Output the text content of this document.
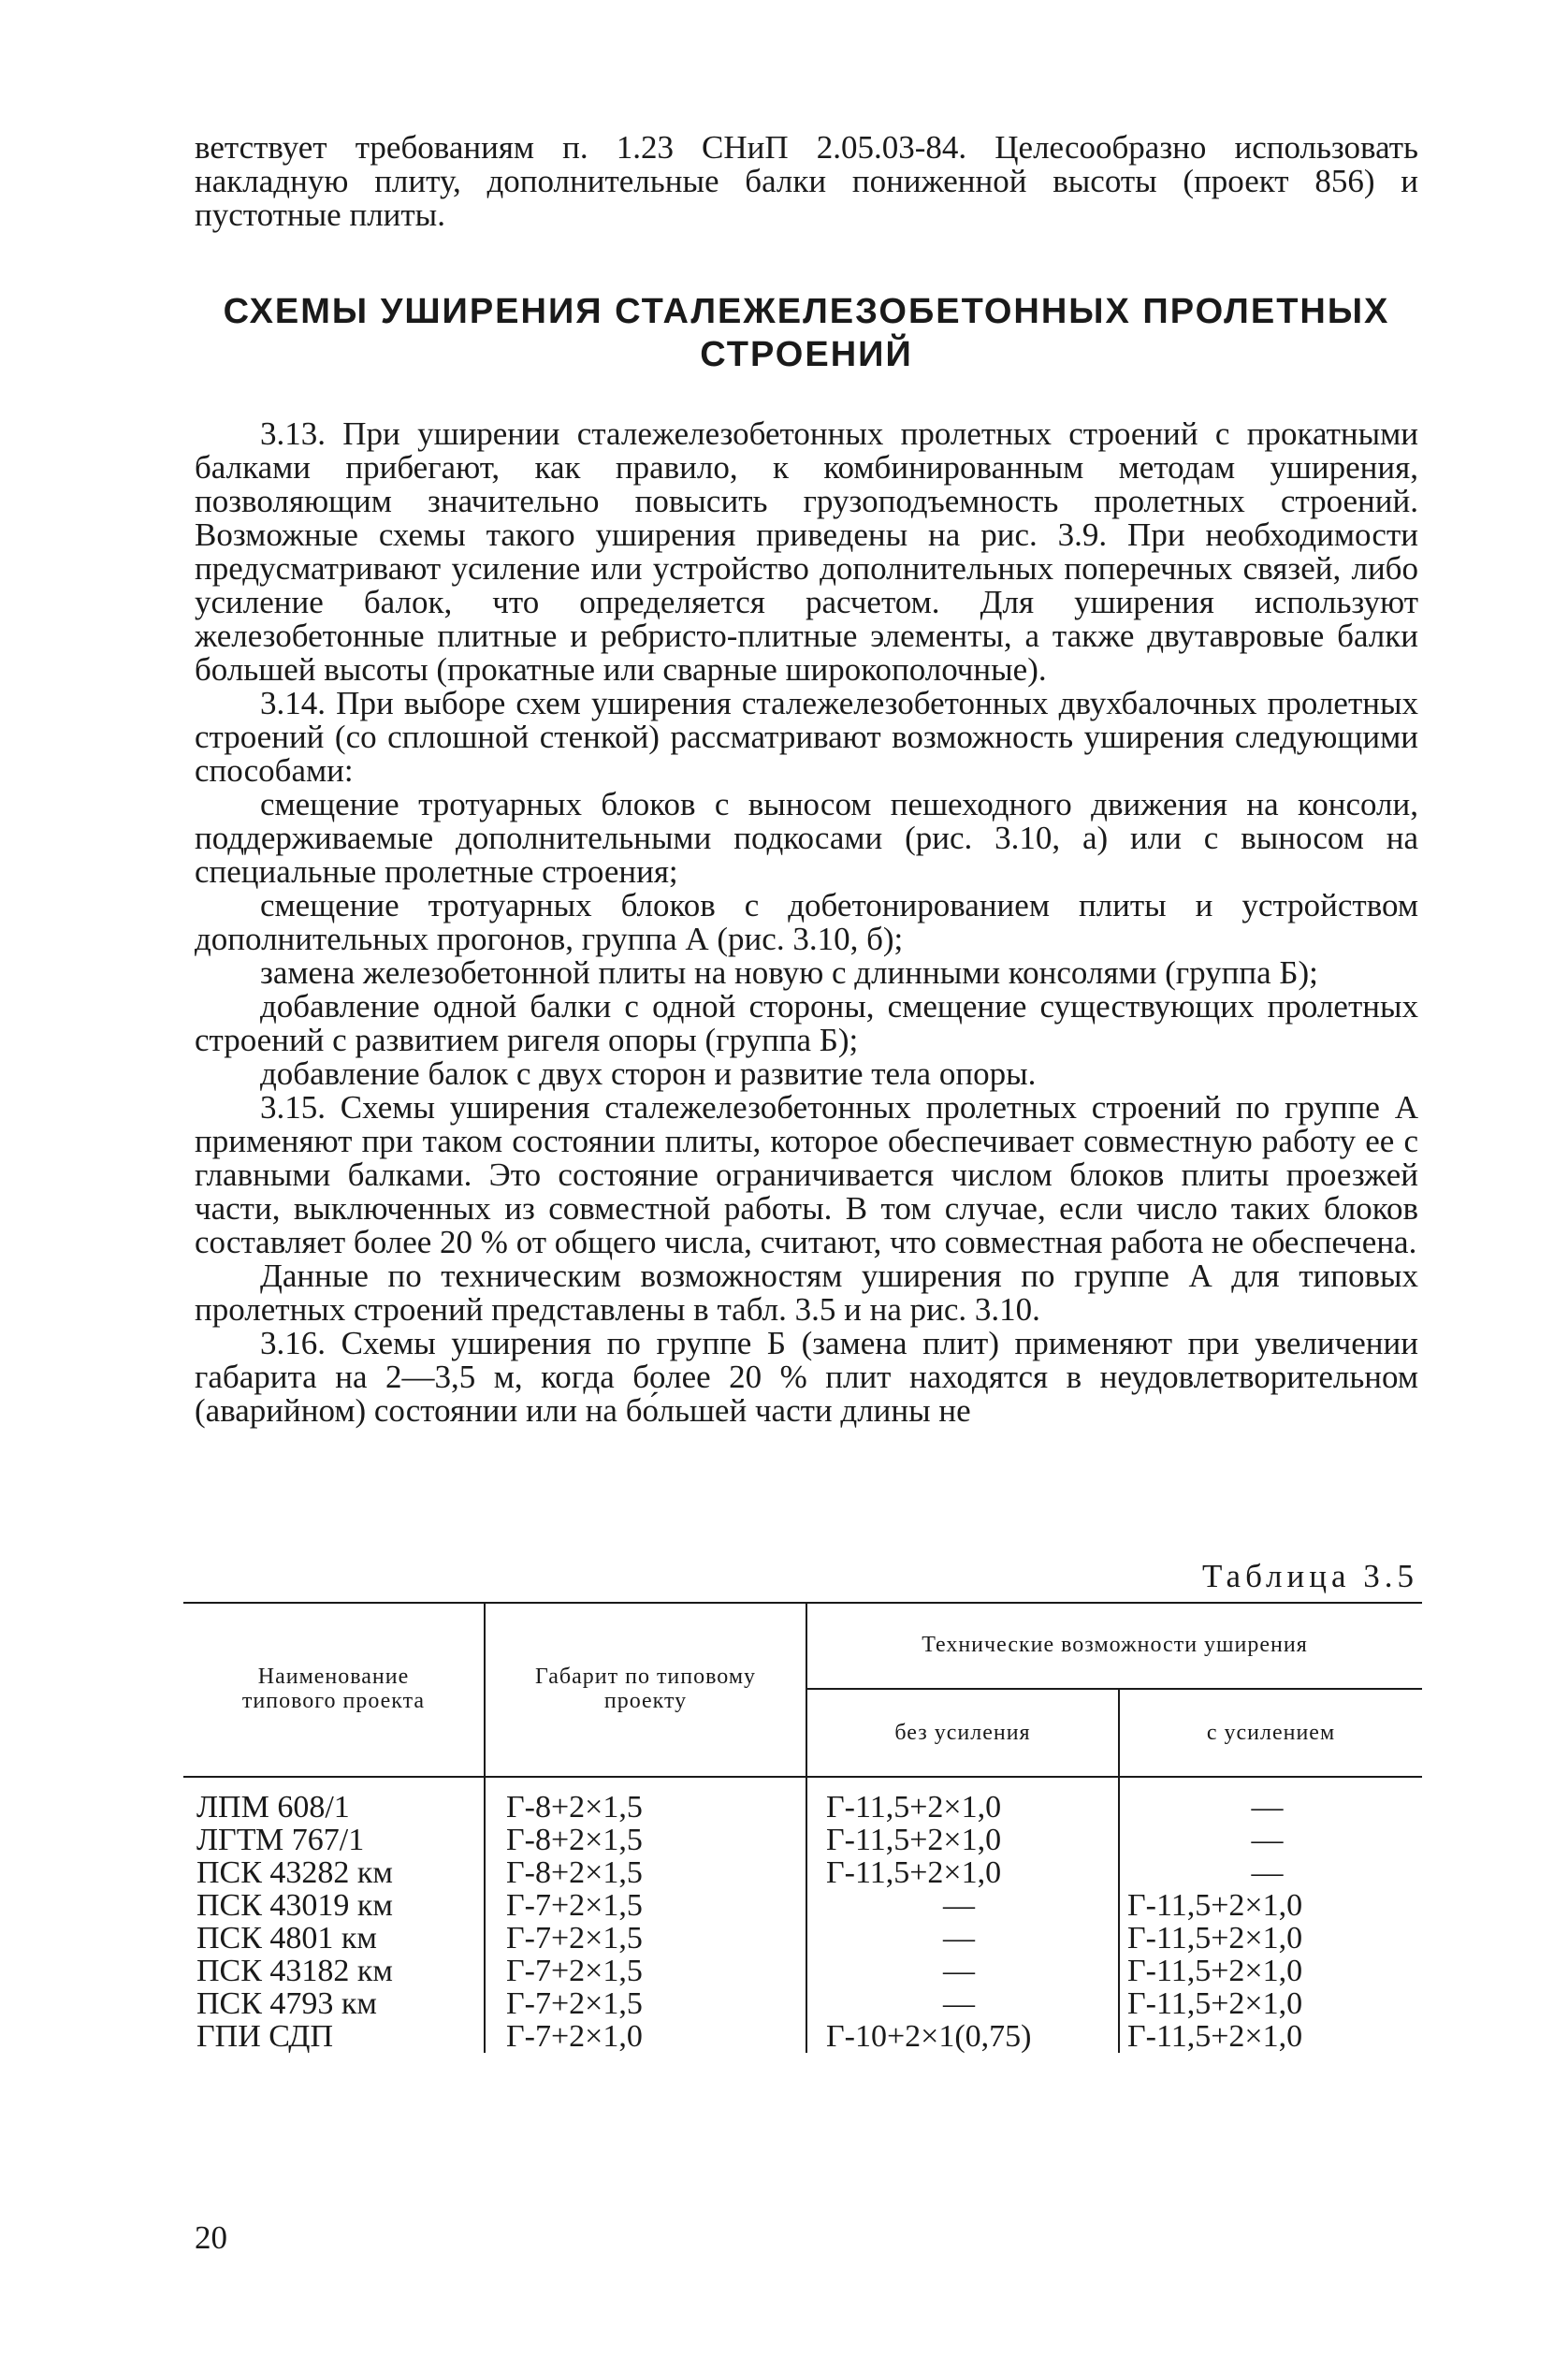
ветствует требованиям п. 1.23 СНиП 2.05.03-84. Целесообразно использовать накладную плиту, дополнительные балки пониженной высоты (проект 856) и пустотные плиты.

СХЕМЫ УШИРЕНИЯ СТАЛЕЖЕЛЕЗОБЕТОННЫХ ПРОЛЕТНЫХ СТРОЕНИЙ

3.13. При уширении сталежелезобетонных пролетных строений с прокатными балками прибегают, как правило, к комбинированным методам уширения, позволяющим значительно повысить грузоподъемность пролетных строений. Возможные схемы такого уширения приведены на рис. 3.9. При необходимости предусматривают усиление или устройство дополнительных поперечных связей, либо усиление балок, что определяется расчетом. Для уширения используют железобетонные плитные и ребристо-плитные элементы, а также двутавровые балки большей высоты (прокатные или сварные широкополочные).

3.14. При выборе схем уширения сталежелезобетонных двухбалочных пролетных строений (со сплошной стенкой) рассматривают возможность уширения следующими способами:

смещение тротуарных блоков с выносом пешеходного движения на консоли, поддерживаемые дополнительными подкосами (рис. 3.10, а) или с выносом на специальные пролетные строения;

смещение тротуарных блоков с добетонированием плиты и устройством дополнительных прогонов, группа А (рис. 3.10, б);

замена железобетонной плиты на новую с длинными консолями (группа Б);

добавление одной балки с одной стороны, смещение существующих пролетных строений с развитием ригеля опоры (группа Б);

добавление балок с двух сторон и развитие тела опоры.

3.15. Схемы уширения сталежелезобетонных пролетных строений по группе А применяют при таком состоянии плиты, которое обеспечивает совместную работу ее с главными балками. Это состояние ограничивается числом блоков плиты проезжей части, выключенных из совместной работы. В том случае, если число таких блоков составляет более 20 % от общего числа, считают, что совместная работа не обеспечена.

Данные по техническим возможностям уширения по группе А для типовых пролетных строений представлены в табл. 3.5 и на рис. 3.10.

3.16. Схемы уширения по группе Б (замена плит) применяют при увеличении габарита на 2—3,5 м, когда более 20 % плит находятся в неудовлетворительном (аварийном) состоянии или на бо́льшей части длины не

Таблица 3.5
Наименование типового проекта	Габарит по типовому проекту	Технические возможности уширения	
		без усиления	с усилением
ЛПМ 608/1	Г-8+2×1,5	Г-11,5+2×1,0	—
ЛГТМ 767/1	Г-8+2×1,5	Г-11,5+2×1,0	—
ПСК 43282 км	Г-8+2×1,5	Г-11,5+2×1,0	—
ПСК 43019 км	Г-7+2×1,5	—	Г-11,5+2×1,0
ПСК 4801 км	Г-7+2×1,5	—	Г-11,5+2×1,0
ПСК 43182 км	Г-7+2×1,5	—	Г-11,5+2×1,0
ПСК 4793 км	Г-7+2×1,5	—	Г-11,5+2×1,0
ГПИ СДП	Г-7+2×1,0	Г-10+2×1(0,75)	Г-11,5+2×1,0
20
